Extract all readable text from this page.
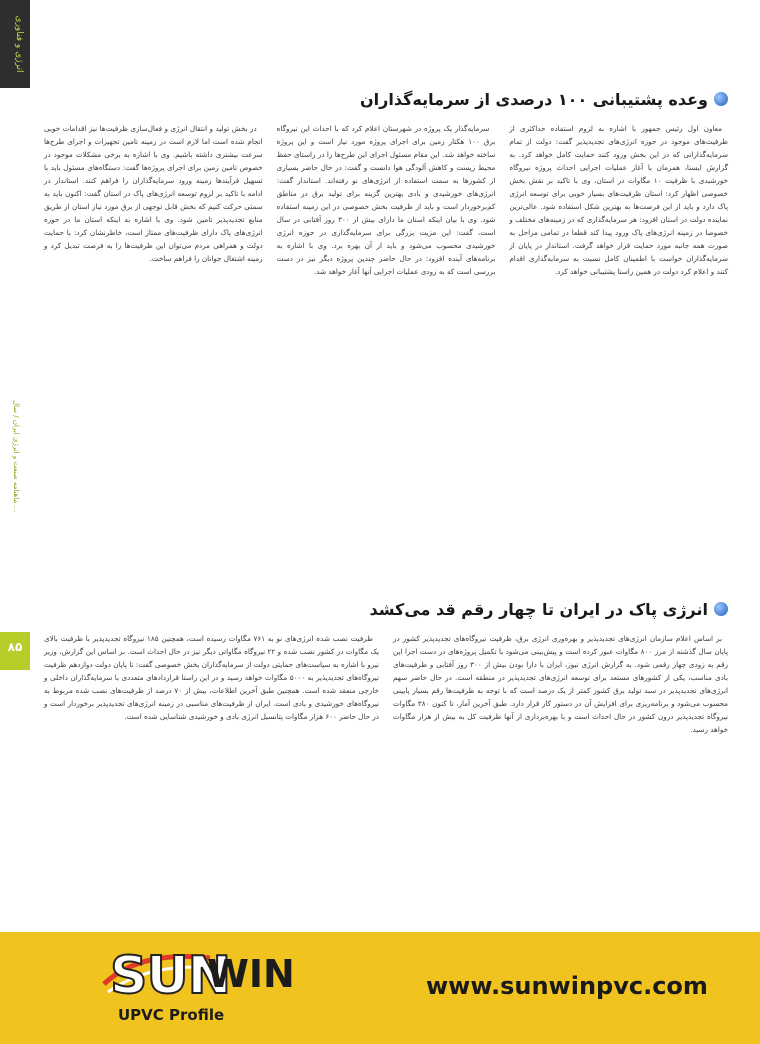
انرژی و فناوری
ماهنامه صنعت و انرژی ایران / سال ...
۸۵
وعده پشتیبانی ۱۰۰ درصدی از سرمایه‌گذاران

معاون اول رئیس جمهور با اشاره به لزوم استفاده حداکثری از ظرفیت‌های موجود در حوزه انرژی‌های تجدیدپذیر گفت: دولت از تمام سرمایه‌گذارانی که در این بخش ورود کنند حمایت کامل خواهد کرد. به گزارش ایسنا، همزمان با آغاز عملیات اجرایی احداث پروژه نیروگاه خورشیدی با ظرفیت ۱۰ مگاوات در استان، وی با تاکید بر نقش بخش خصوصی اظهار کرد: استان ظرفیت‌های بسیار خوبی برای توسعه انرژی پاک دارد و باید از این فرصت‌ها به بهترین شکل استفاده شود. عالی‌ترین نماینده دولت در استان افزود: هر سرمایه‌گذاری که در زمینه‌های مختلف و خصوصا در زمینه انرژی‌های پاک ورود پیدا کند قطعا در تمامی مراحل به صورت همه جانبه مورد حمایت قرار خواهد گرفت. استاندار در پایان از سرمایه‌گذاران خواست با اطمینان کامل نسبت به سرمایه‌گذاری اقدام کنند و اعلام کرد دولت در همین راستا پشتیبانی خواهد کرد.

سرمایه‌گذار یک پروژه در شهرستان اعلام کرد که با احداث این نیروگاه برق ۱۰۰ هکتار زمین برای اجرای پروژه مورد نیاز است و این پروژه ساخته خواهد شد. این مقام مسئول اجرای این طرح‌ها را در راستای حفظ محیط زیست و کاهش آلودگی هوا دانست و گفت: در حال حاضر بسیاری از کشورها به سمت استفاده از انرژی‌های نو رفته‌اند. استاندار گفت: انرژی‌های خورشیدی و بادی بهترین گزینه برای تولید برق در مناطق کم‌برخوردار است و باید از ظرفیت بخش خصوصی در این زمینه استفاده شود. وی با بیان اینکه استان ما دارای بیش از ۳۰۰ روز آفتابی در سال است، گفت: این مزیت بزرگی برای سرمایه‌گذاری در حوزه انرژی خورشیدی محسوب می‌شود و باید از آن بهره برد. وی با اشاره به برنامه‌های آینده افزود: در حال حاضر چندین پروژه دیگر نیز در دست بررسی است که به زودی عملیات اجرایی آنها آغاز خواهد شد.

در بخش تولید و انتقال انرژی و فعال‌سازی ظرفیت‌ها نیز اقدامات خوبی انجام شده است اما لازم است در زمینه تامین تجهیزات و اجرای طرح‌ها سرعت بیشتری داشته باشیم. وی با اشاره به برخی مشکلات موجود در خصوص تامین زمین برای اجرای پروژه‌ها گفت: دستگاه‌های مسئول باید با تسهیل فرآیندها زمینه ورود سرمایه‌گذاران را فراهم کنند. استاندار در ادامه با تاکید بر لزوم توسعه انرژی‌های پاک در استان گفت: اکنون باید به سمتی حرکت کنیم که بخش قابل توجهی از برق مورد نیاز استان از طریق منابع تجدیدپذیر تامین شود. وی با اشاره به اینکه استان ما در حوزه انرژی‌های پاک دارای ظرفیت‌های ممتاز است، خاطرنشان کرد: با حمایت دولت و همراهی مردم می‌توان این ظرفیت‌ها را به فرصت تبدیل کرد و زمینه اشتغال جوانان را فراهم ساخت.

انرژی پاک در ایران تا چهار رقم قد می‌کشد

بر اساس اعلام سازمان انرژی‌های تجدیدپذیر و بهره‌وری انرژی برق، ظرفیت نیروگاه‌های تجدیدپذیر کشور در پایان سال گذشته از مرز ۸۰۰ مگاوات عبور کرده است و پیش‌بینی می‌شود با تکمیل پروژه‌های در دست اجرا این رقم به زودی چهار رقمی شود. به گزارش انرژی نیوز، ایران با دارا بودن بیش از ۳۰۰ روز آفتابی و ظرفیت‌های بادی مناسب، یکی از کشورهای مستعد برای توسعه انرژی‌های تجدیدپذیر در منطقه است. در حال حاضر سهم انرژی‌های تجدیدپذیر در سبد تولید برق کشور کمتر از یک درصد است که با توجه به ظرفیت‌ها رقم بسیار پایینی محسوب می‌شود و برنامه‌ریزی برای افزایش آن در دستور کار قرار دارد. طبق آخرین آمار، تا کنون ۳۸۰ مگاوات نیروگاه تجدیدپذیر درون کشور در حال احداث است و با بهره‌برداری از آنها ظرفیت کل به بیش از هزار مگاوات خواهد رسید.

ظرفیت نصب شده انرژی‌های نو به ۷۶۱ مگاوات رسیده است، همچنین ۱۸۵ نیروگاه تجدیدپذیر با ظرفیت بالای یک مگاوات در کشور نصب شده و ۲۲ نیروگاه مگاواتی دیگر نیز در حال احداث است. بر اساس این گزارش، وزیر نیرو با اشاره به سیاست‌های حمایتی دولت از سرمایه‌گذاران بخش خصوصی گفت: تا پایان دولت دوازدهم ظرفیت نیروگاه‌های تجدیدپذیر به ۵۰۰۰ مگاوات خواهد رسید و در این راستا قراردادهای متعددی با سرمایه‌گذاران داخلی و خارجی منعقد شده است. همچنین طبق آخرین اطلاعات، بیش از ۷۰ درصد از ظرفیت‌های نصب شده مربوط به نیروگاه‌های خورشیدی و بادی است. ایران از ظرفیت‌های مناسبی در زمینه انرژی‌های تجدیدپذیر برخوردار است و در حال حاضر ۶۰۰ هزار مگاوات پتانسیل انرژی بادی و خورشیدی شناسایی شده است.

SUN
WIN
UPVC Profile
www.sunwinpvc.com
